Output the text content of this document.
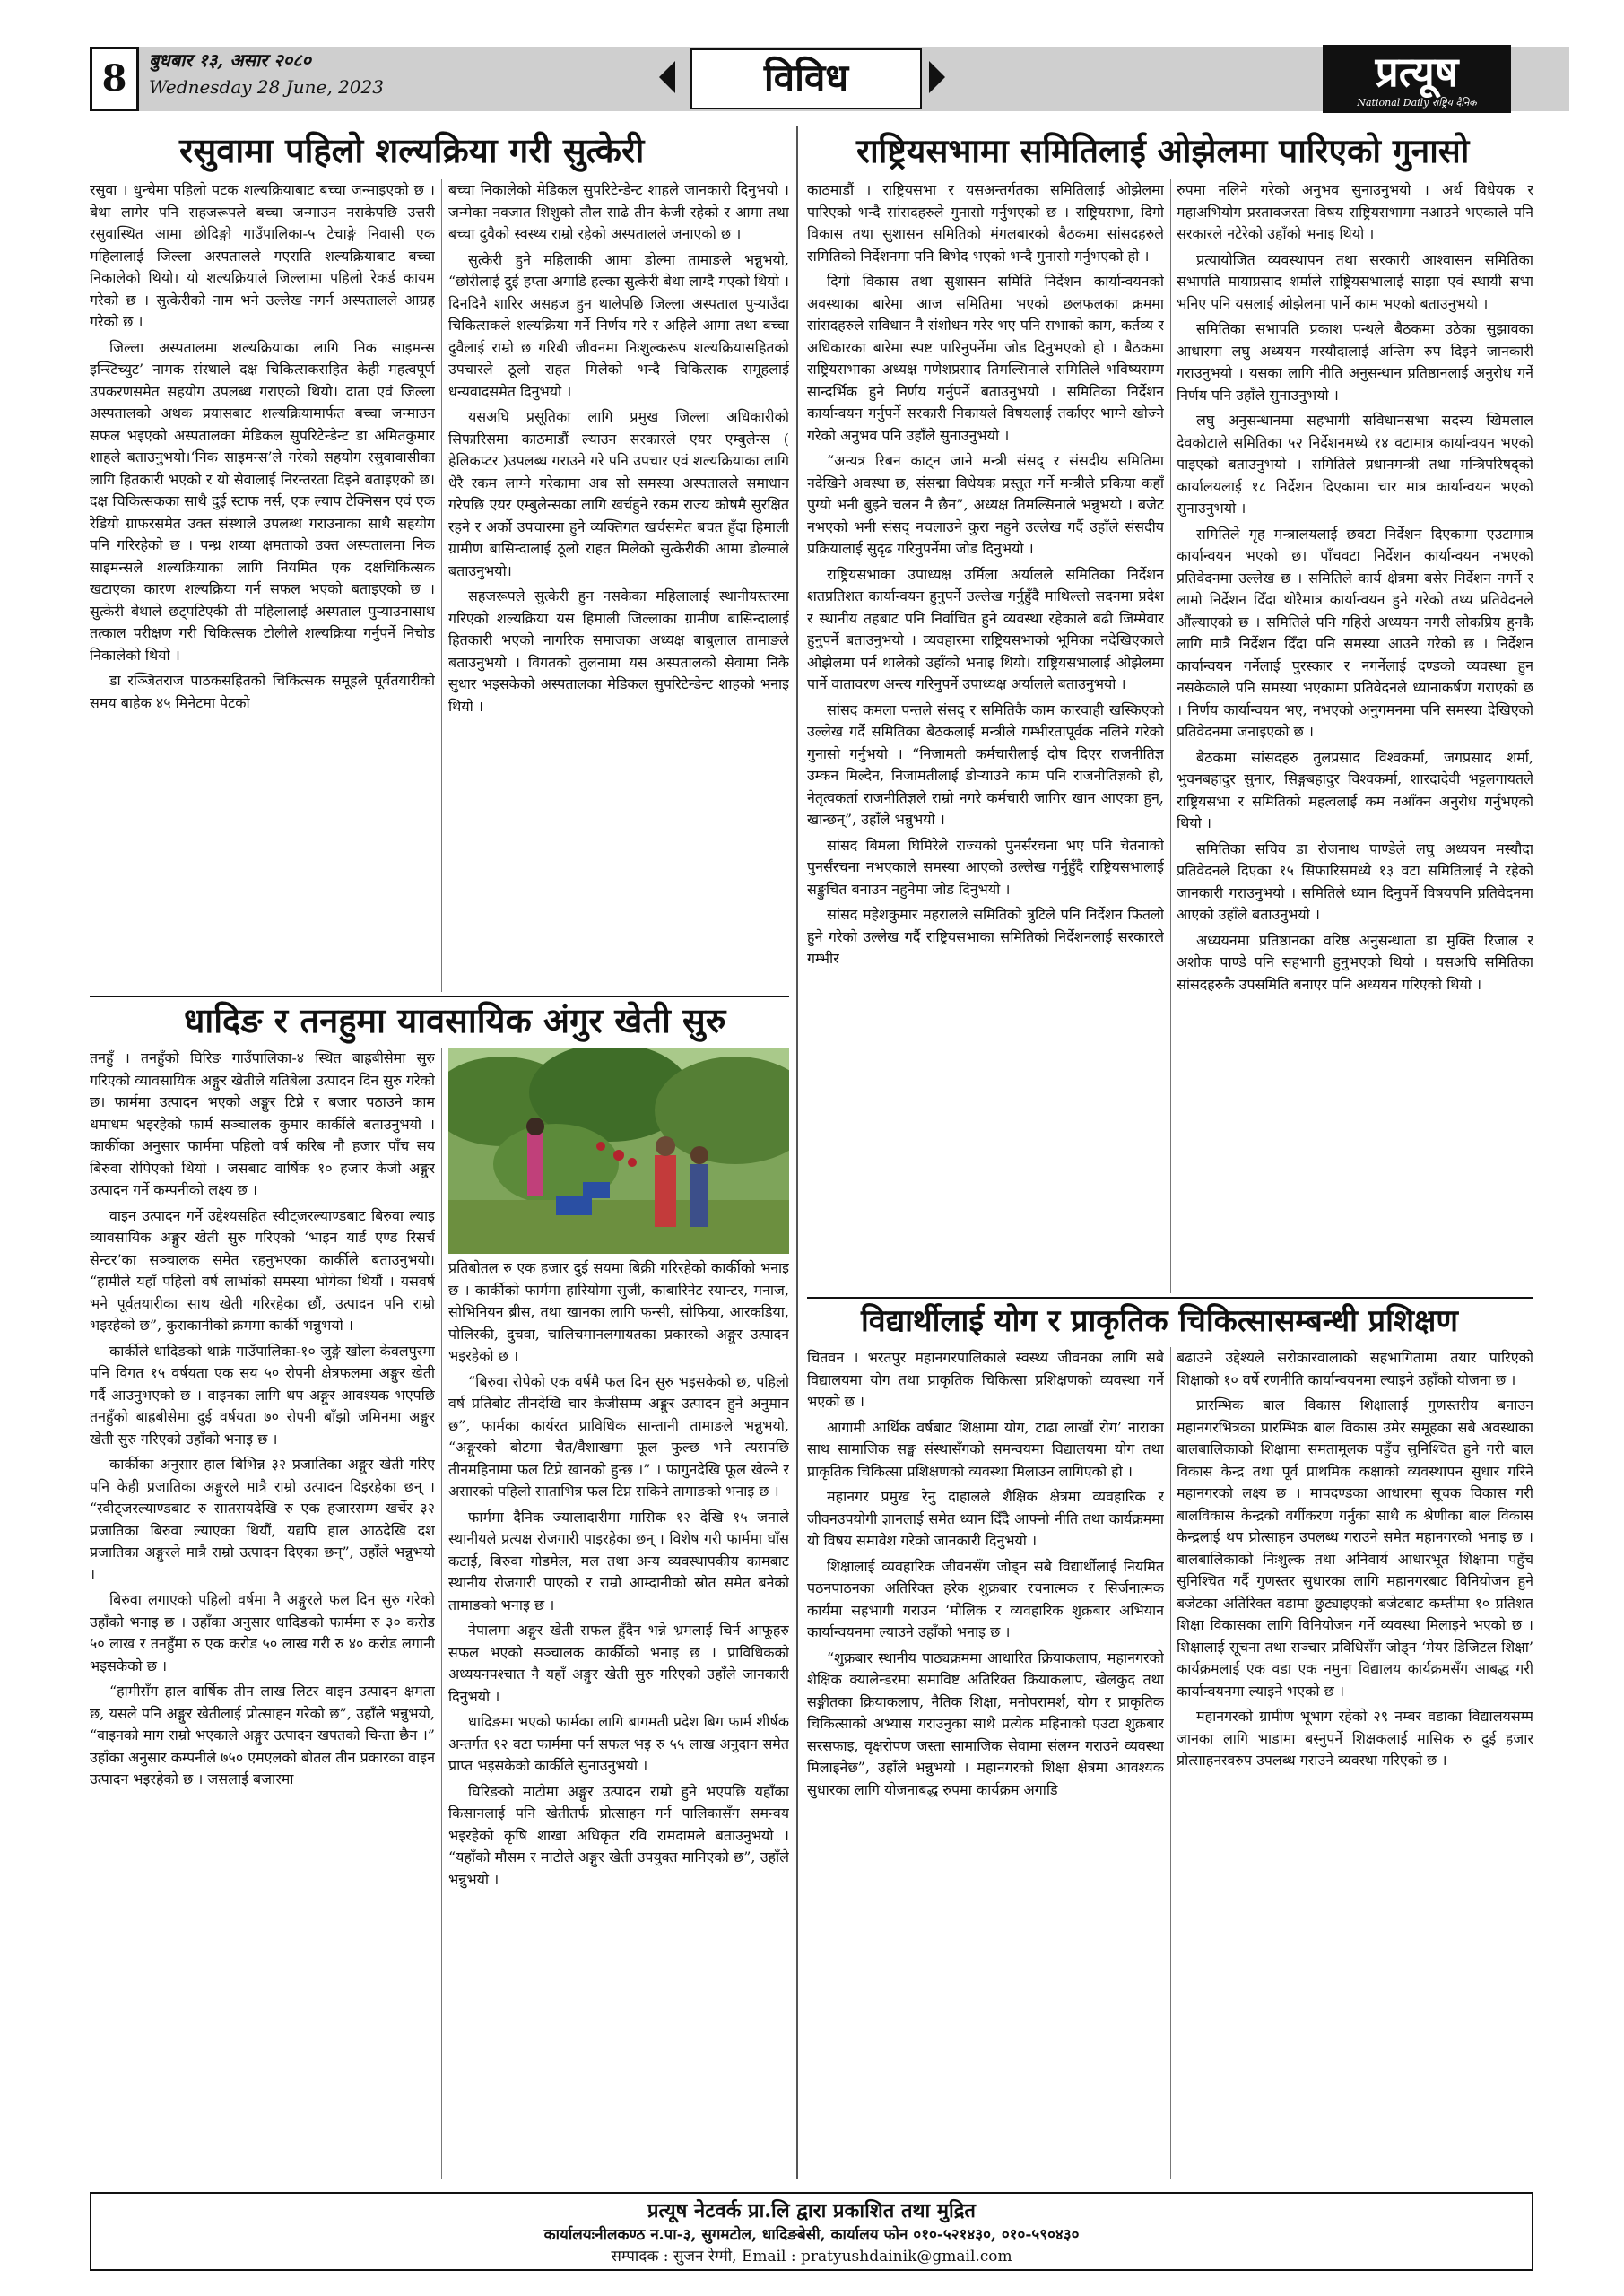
8	बुधबार १३, असार २०८०
Wednesday 28 June, 2023	विविध	प्रत्यूष
National Daily राष्ट्रिय दैनिक
रसुवामा पहिलो शल्यक्रिया गरी सुत्केरी

रसुवा । धुन्चेमा पहिलो पटक शल्यक्रियाबाट बच्चा जन्माइएको छ । बेथा लागेर पनि सहजरूपले बच्चा जन्माउन नसकेपछि उत्तरी रसुवास्थित आमा छोदिङ्मो गाउँपालिका-५ टेचाङ्गे निवासी एक महिलालाई जिल्ला अस्पतालले गएराति शल्यक्रियाबाट बच्चा निकालेको थियो। यो शल्यक्रियाले जिल्लामा पहिलो रेकर्ड कायम गरेको छ । सुत्केरीको नाम भने उल्लेख नगर्न अस्पतालले आग्रह गरेको छ ।

जिल्ला अस्पतालमा शल्यक्रियाका लागि निक साइमन्स इन्स्टिच्युट’ नामक संस्थाले दक्ष चिकित्सकसहित केही महत्वपूर्ण उपकरणसमेत सहयोग उपलब्ध गराएको थियो। दाता एवं जिल्ला अस्पतालको अथक प्रयासबाट शल्यक्रियामार्फत बच्चा जन्माउन सफल भइएको अस्पतालका मेडिकल सुपरिटेन्डेन्ट डा अमितकुमार शाहले बताउनुभयो।‘निक साइमन्स’ले गरेको सहयोग रसुवावासीका लागि हितकारी भएको र यो सेवालाई निरन्तरता दिइने बताइएको छ। दक्ष चिकित्सकका साथै दुई स्टाफ नर्स, एक ल्याप टेक्निसन एवं एक रेडियो ग्राफरसमेत उक्त संस्थाले उपलब्ध गराउनाका साथै सहयोग पनि गरिरहेको छ । पन्ध्र शय्या क्षमताको उक्त अस्पतालमा निक साइमन्सले शल्यक्रियाका लागि नियमित एक दक्षचिकित्सक खटाएका कारण शल्यक्रिया गर्न सफल भएको बताइएको छ । सुत्केरी बेथाले छट्पटिएकी ती महिलालाई अस्पताल पुऱ्याउनासाथ तत्काल परीक्षण गरी चिकित्सक टोलीले शल्यक्रिया गर्नुपर्ने निचोड निकालेको थियो ।

डा रञ्जितराज पाठकसहितको चिकित्सक समूहले पूर्वतयारीको समय बाहेक ४५ मिनेटमा पेटको

बच्चा निकालेको मेडिकल सुपरिटेन्डेन्ट शाहले जानकारी दिनुभयो । जन्मेका नवजात शिशुको तौल साढे तीन केजी रहेको र आमा तथा बच्चा दुवैको स्वस्थ्य राम्रो रहेको अस्पतालले जनाएको छ ।

सुत्केरी हुने महिलाकी आमा डोल्मा तामाङले भन्नुभयो, “छोरीलाई दुई हप्ता अगाडि हल्का सुत्केरी बेथा लाग्दै गएको थियो । दिनदिनै शारिर असहज हुन थालेपछि जिल्ला अस्पताल पुऱ्याउँदा चिकित्सकले शल्यक्रिया गर्ने निर्णय गरे र अहिले आमा तथा बच्चा दुवैलाई राम्रो छ गरिबी जीवनमा निःशुल्करूप शल्यक्रियासहितको उपचारले ठूलो राहत मिलेको भन्दै चिकित्सक समूहलाई धन्यवादसमेत दिनुभयो ।

यसअघि प्रसूतिका लागि प्रमुख जिल्ला अधिकारीको सिफारिसमा काठमाडौं ल्याउन सरकारले एयर एम्बुलेन्स ( हेलिकप्टर )उपलब्ध गराउने गरे पनि उपचार एवं शल्यक्रियाका लागि धेरै रकम लाग्ने गरेकामा अब सो समस्या अस्पतालले समाधान गरेपछि एयर एम्बुलेन्सका लागि खर्चहुने रकम राज्य कोषमै सुरक्षित रहने र अर्को उपचारमा हुने व्यक्तिगत खर्चसमेत बचत हुँदा हिमाली ग्रामीण बासिन्दालाई ठूलो राहत मिलेको सुत्केरीकी आमा डोल्माले बताउनुभयो।

सहजरूपले सुत्केरी हुन नसकेका महिलालाई स्थानीयस्तरमा गरिएको शल्यक्रिया यस हिमाली जिल्लाका ग्रामीण बासिन्दालाई हितकारी भएको नागरिक समाजका अध्यक्ष बाबुलाल तामाङले बताउनुभयो । विगतको तुलनामा यस अस्पतालको सेवामा निकै सुधार भइसकेको अस्पतालका मेडिकल सुपरिटेन्डेन्ट शाहको भनाइ थियो ।

धादिङ र तनहुमा यावसायिक अंगुर खेती सुरु

तनहुँ । तनहुँको घिरिङ गाउँपालिका-४ स्थित बाह्रबीसेमा सुरु गरिएको व्यावसायिक अङ्गुर खेतीले यतिबेला उत्पादन दिन सुरु गरेको छ। फार्ममा उत्पादन भएको अङ्गुर टिप्ने र बजार पठाउने काम धमाधम भइरहेको फार्म सञ्चालक कुमार कार्कीले बताउनुभयो । कार्कीका अनुसार फार्ममा पहिलो वर्ष करिब नौ हजार पाँच सय बिरुवा रोपिएको थियो । जसबाट वार्षिक १० हजार केजी अङ्गुर उत्पादन गर्ने कम्पनीको लक्ष्य छ ।

वाइन उत्पादन गर्ने उद्देश्यसहित स्वीट्जरल्याण्डबाट बिरुवा ल्याइ व्यावसायिक अङ्गुर खेती सुरु गरिएको ‘भाइन यार्ड एण्ड रिसर्च सेन्टर’का सञ्चालक समेत रहनुभएका कार्कीले बताउनुभयो। “हामीले यहाँ पहिलो वर्ष लाभांको समस्या भोगेका थियौं । यसवर्ष भने पूर्वतयारीका साथ खेती गरिरहेका छौं, उत्पादन पनि राम्रो भइरहेको छ”, कुराकानीको क्रममा कार्की भन्नुभयो ।

कार्कीले धादिङको थाक्रे गाउँपालिका-१० जुङ्गे खोला केवलपुरमा पनि विगत १५ वर्षयता एक सय ५० रोपनी क्षेत्रफलमा अङ्गुर खेती गर्दै आउनुभएको छ । वाइनका लागि थप अङ्गुर आवश्यक भएपछि तनहुँको बाह्रबीसेमा दुई वर्षयता ७० रोपनी बाँझो जमिनमा अङ्गुर खेती सुरु गरिएको उहाँको भनाइ छ ।

कार्कीका अनुसार हाल बिभिन्न ३२ प्रजातिका अङ्गुर खेती गरिए पनि केही प्रजातिका अङ्गुरले मात्रै राम्रो उत्पादन दिइरहेका छन् । “स्वीट्जरल्याण्डबाट रु सातसयदेखि रु एक हजारसम्म खर्चेर ३२ प्रजातिका बिरुवा ल्याएका थियौं, यद्यपि हाल आठदेखि दश प्रजातिका अङ्गुरले मात्रै राम्रो उत्पादन दिएका छन्”, उहाँले भन्नुभयो ।

बिरुवा लगाएको पहिलो वर्षमा नै अङ्गुरले फल दिन सुरु गरेको उहाँको भनाइ छ । उहाँका अनुसार धादिङको फार्ममा रु ३० करोड ५० लाख र तनहुँमा रु एक करोड ५० लाख गरी रु ४० करोड लगानी भइसकेको छ ।

“हामीसँग हाल वार्षिक तीन लाख लिटर वाइन उत्पादन क्षमता छ, यसले पनि अङ्गुर खेतीलाई प्रोत्साहन गरेको छ”, उहाँले भन्नुभयो, “वाइनको माग राम्रो भएकाले अङ्गुर उत्पादन खपतको चिन्ता छैन ।” उहाँका अनुसार कम्पनीले ७५० एमएलको बोतल तीन प्रकारका वाइन उत्पादन भइरहेको छ । जसलाई बजारमा

प्रतिबोतल रु एक हजार दुई सयमा बिक्री गरिरहेको कार्कीको भनाइ छ । कार्कीको फार्ममा हारियोमा सुजी, काबारिनेट स्यान्टर, मनाज, सोभिनियन ब्रीस, तथा खानका लागि फन्सी, सोफिया, आरकडिया, पोलिस्की, दुचवा, चालिचमानलगायतका प्रकारको अङ्गुर उत्पादन भइरहेको छ ।

“बिरुवा रोपेको एक वर्षमै फल दिन सुरु भइसकेको छ, पहिलो वर्ष प्रतिबोट तीनदेखि चार केजीसम्म अङ्गुर उत्पादन हुने अनुमान छ”, फार्मका कार्यरत प्राविधिक सान्तानी तामाङले भन्नुभयो, “अङ्गुरको बोटमा चैत/वैशाखमा फूल फुल्छ भने त्यसपछि तीनमहिनामा फल टिप्ने खानको हुन्छ ।” । फागुनदेखि फूल खेल्ने र असारको पहिलो साताभित्र फल टिप्न सकिने तामाङको भनाइ छ ।

फार्ममा दैनिक ज्यालादारीमा मासिक १२ देखि १५ जनाले स्थानीयले प्रत्यक्ष रोजगारी पाइरहेका छन् । विशेष गरी फार्ममा घाँस कटाई, बिरुवा गोडमेल, मल तथा अन्य व्यवस्थापकीय कामबाट स्थानीय रोजगारी पाएको र राम्रो आम्दानीको स्रोत समेत बनेको तामाङको भनाइ छ ।

नेपालमा अङ्गुर खेती सफल हुँदैन भन्ने भ्रमलाई चिर्न आफूहरु सफल भएको सञ्चालक कार्कीको भनाइ छ । प्राविधिकको अध्ययनपश्चात नै यहाँ अङ्गुर खेती सुरु गरिएको उहाँले जानकारी दिनुभयो ।

धादिङमा भएको फार्मका लागि बागमती प्रदेश बिग फार्म शीर्षक अन्तर्गत १२ वटा फार्ममा पर्न सफल भइ रु ५५ लाख अनुदान समेत प्राप्त भइसकेको कार्कीले सुनाउनुभयो ।

घिरिङको माटोमा अङ्गुर उत्पादन राम्रो हुने भएपछि यहाँका किसानलाई पनि खेतीतर्फ प्रोत्साहन गर्न पालिकासँग समन्वय भइरहेको कृषि शाखा अधिकृत रवि रामदामले बताउनुभयो । “यहाँको मौसम र माटोले अङ्गुर खेती उपयुक्त मानिएको छ”, उहाँले भन्नुभयो ।

राष्ट्रियसभामा समितिलाई ओझेलमा पारिएको गुनासो

काठमाडौं । राष्ट्रियसभा र यसअन्तर्गतका समितिलाई ओझेलमा पारिएको भन्दै सांसदहरुले गुनासो गर्नुभएको छ । राष्ट्रियसभा, दिगो विकास तथा सुशासन समितिको मंगलबारको बैठकमा सांसदहरुले समितिको निर्देशनमा पनि बिभेद भएको भन्दै गुनासो गर्नुभएको हो ।

दिगो विकास तथा सुशासन समिति निर्देशन कार्यान्वयनको अवस्थाका बारेमा आज समितिमा भएको छलफलका क्रममा सांसदहरुले सविधान नै संशोधन गरेर भए पनि सभाको काम, कर्तव्य र अधिकारका बारेमा स्पष्ट पारिनुपर्नेमा जोड दिनुभएको हो । बैठकमा राष्ट्रियसभाका अध्यक्ष गणेशप्रसाद तिमल्सिनाले समितिले भविष्यसम्म सान्दर्भिक हुने निर्णय गर्नुपर्ने बताउनुभयो । समितिका निर्देशन कार्यान्वयन गर्नुपर्ने सरकारी निकायले विषयलाई तर्काएर भाग्ने खोज्ने गरेको अनुभव पनि उहाँले सुनाउनुभयो ।

“अन्यत्र रिबन काट्न जाने मन्त्री संसद् र संसदीय समितिमा नदेखिने अवस्था छ, संसद्मा विधेयक प्रस्तुत गर्ने मन्त्रीले प्रकिया कहाँ पुग्यो भनी बुझ्ने चलन नै छैन”, अध्यक्ष तिमल्सिनाले भन्नुभयो । बजेट नभएको भनी संसद् नचलाउने कुरा नहुने उल्लेख गर्दै उहाँले संसदीय प्रक्रियालाई सुदृढ गरिनुपर्नेमा जोड दिनुभयो ।

राष्ट्रियसभाका उपाध्यक्ष उर्मिला अर्यालले समितिका निर्देशन शतप्रतिशत कार्यान्वयन हुनुपर्ने उल्लेख गर्नुहुँदै माथिल्लो सदनमा प्रदेश र स्थानीय तहबाट पनि निर्वाचित हुने व्यवस्था रहेकाले बढी जिम्मेवार हुनुपर्ने बताउनुभयो । व्यवहारमा राष्ट्रियसभाको भूमिका नदेखिएकाले ओझेलमा पर्न थालेको उहाँको भनाइ थियो। राष्ट्रियसभालाई ओझेलमा पार्ने वातावरण अन्त्य गरिनुपर्ने उपाध्यक्ष अर्यालले बताउनुभयो ।

सांसद कमला पन्तले संसद् र समितिकै काम कारवाही खस्किएको उल्लेख गर्दै समितिका बैठकलाई मन्त्रीले गम्भीरतापूर्वक नलिने गरेको गुनासो गर्नुभयो । “निजामती कर्मचारीलाई दोष दिएर राजनीतिज्ञ उम्कन मिल्दैन, निजामतीलाई डोऱ्याउने काम पनि राजनीतिज्ञको हो, नेतृत्वकर्ता राजनीतिज्ञले राम्रो नगरे कर्मचारी जागिर खान आएका हुन्, खान्छन्”, उहाँले भन्नुभयो ।

सांसद बिमला घिमिरेले राज्यको पुनर्संरचना भए पनि चेतनाको पुनर्संरचना नभएकाले समस्या आएको उल्लेख गर्नुहुँदै राष्ट्रियसभालाई सङ्कुचित बनाउन नहुनेमा जोड दिनुभयो ।

सांसद महेशकुमार महरालले समितिको त्रुटिले पनि निर्देशन फितलो हुने गरेको उल्लेख गर्दै राष्ट्रियसभाका समितिको निर्देशनलाई सरकारले गम्भीर

रुपमा नलिने गरेको अनुभव सुनाउनुभयो । अर्थ विधेयक र महाअभियोग प्रस्तावजस्ता विषय राष्ट्रियसभामा नआउने भएकाले पनि सरकारले नटेरेको उहाँको भनाइ थियो ।

प्रत्यायोजित व्यवस्थापन तथा सरकारी आश्वासन समितिका सभापति मायाप्रसाद शर्माले राष्ट्रियसभालाई साझा एवं स्थायी सभा भनिए पनि यसलाई ओझेलमा पार्ने काम भएको बताउनुभयो ।

समितिका सभापति प्रकाश पन्थले बैठकमा उठेका सुझावका आधारमा लघु अध्ययन मस्यौदालाई अन्तिम रुप दिइने जानकारी गराउनुभयो । यसका लागि नीति अनुसन्धान प्रतिष्ठानलाई अनुरोध गर्ने निर्णय पनि उहाँले सुनाउनुभयो ।

लघु अनुसन्धानमा सहभागी सविधानसभा सदस्य खिमलाल देवकोटाले समितिका ५२ निर्देशनमध्ये १४ वटामात्र कार्यान्वयन भएको पाइएको बताउनुभयो । समितिले प्रधानमन्त्री तथा मन्त्रिपरिषद्को कार्यालयलाई १८ निर्देशन दिएकामा चार मात्र कार्यान्वयन भएको सुनाउनुभयो ।

समितिले गृह मन्त्रालयलाई छवटा निर्देशन दिएकामा एउटामात्र कार्यान्वयन भएको छ। पाँचवटा निर्देशन कार्यान्वयन नभएको प्रतिवेदनमा उल्लेख छ । समितिले कार्य क्षेत्रमा बसेर निर्देशन नगर्ने र लामो निर्देशन दिँदा थोरैमात्र कार्यान्वयन हुने गरेको तथ्य प्रतिवेदनले औंल्याएको छ । समितिले पनि गहिरो अध्ययन नगरी लोकप्रिय हुनकै लागि मात्रै निर्देशन दिँदा पनि समस्या आउने गरेको छ । निर्देशन कार्यान्वयन गर्नेलाई पुरस्कार र नगर्नेलाई दण्डको व्यवस्था हुन नसकेकाले पनि समस्या भएकामा प्रतिवेदनले ध्यानाकर्षण गराएको छ । निर्णय कार्यान्वयन भए, नभएको अनुगमनमा पनि समस्या देखिएको प्रतिवेदनमा जनाइएको छ ।

बैठकमा सांसदहरु तुलप्रसाद विश्वकर्मा, जगप्रसाद शर्मा, भुवनबहादुर सुनार, सिङ्गबहादुर विश्वकर्मा, शारदादेवी भट्टलगायतले राष्ट्रियसभा र समितिको महत्वलाई कम नआँक्न अनुरोध गर्नुभएको थियो ।

समितिका सचिव डा रोजनाथ पाण्डेले लघु अध्ययन मस्यौदा प्रतिवेदनले दिएका १५ सिफारिसमध्ये १३ वटा समितिलाई नै रहेको जानकारी गराउनुभयो । समितिले ध्यान दिनुपर्ने विषयपनि प्रतिवेदनमा आएको उहाँले बताउनुभयो ।

अध्ययनमा प्रतिष्ठानका वरिष्ठ अनुसन्धाता डा मुक्ति रिजाल र अशोक पाण्डे पनि सहभागी हुनुभएको थियो । यसअघि समितिका सांसदहरुकै उपसमिति बनाएर पनि अध्ययन गरिएको थियो ।

विद्यार्थीलाई योग र प्राकृतिक चिकित्सासम्बन्धी प्रशिक्षण

चितवन । भरतपुर महानगरपालिकाले स्वस्थ्य जीवनका लागि सबै विद्यालयमा योग तथा प्राकृतिक चिकित्सा प्रशिक्षणको व्यवस्था गर्ने भएको छ ।

आगामी आर्थिक वर्षबाट शिक्षामा योग, टाढा लाखौं रोग’ नाराका साथ सामाजिक सङ्घ संस्थासँगको समन्वयमा विद्यालयमा योग तथा प्राकृतिक चिकित्सा प्रशिक्षणको व्यवस्था मिलाउन लागिएको हो ।

महानगर प्रमुख रेनु दाहालले शैक्षिक क्षेत्रमा व्यवहारिक र जीवनउपयोगी ज्ञानलाई समेत ध्यान दिँदै आफ्नो नीति तथा कार्यक्रममा यो विषय समावेश गरेको जानकारी दिनुभयो ।

शिक्षालाई व्यवहारिक जीवनसँग जोड्न सबै विद्यार्थीलाई नियमित पठनपाठनका अतिरिक्त हरेक शुक्रबार रचनात्मक र सिर्जनात्मक कार्यमा सहभागी गराउन ‘मौलिक र व्यवहारिक शुक्रबार अभियान कार्यान्वयनमा ल्याउने उहाँको भनाइ छ ।

“शुक्रबार स्थानीय पाठ्यक्रममा आधारित क्रियाकलाप, महानगरको शैक्षिक क्यालेन्डरमा समाविष्ट अतिरिक्त क्रियाकलाप, खेलकुद तथा सङ्गीतका क्रियाकलाप, नैतिक शिक्षा, मनोपरामर्श, योग र प्राकृतिक चिकित्साको अभ्यास गराउनुका साथै प्रत्येक महिनाको एउटा शुक्रबार सरसफाइ, वृक्षरोपण जस्ता सामाजिक सेवामा संलग्न गराउने व्यवस्था मिलाइनेछ”, उहाँले भन्नुभयो । महानगरको शिक्षा क्षेत्रमा आवश्यक सुधारका लागि योजनाबद्ध रुपमा कार्यक्रम अगाडि

बढाउने उद्देश्यले सरोकारवालाको सहभागितामा तयार पारिएको शिक्षाको १० वर्षे रणनीति कार्यान्वयनमा ल्याइने उहाँको योजना छ ।

प्रारम्भिक बाल विकास शिक्षालाई गुणस्तरीय बनाउन महानगरभित्रका प्रारम्भिक बाल विकास उमेर समूहका सबै अवस्थाका बालबालिकाको शिक्षामा समतामूलक पहुँच सुनिश्चित हुने गरी बाल विकास केन्द्र तथा पूर्व प्राथमिक कक्षाको व्यवस्थापन सुधार गरिने महानगरको लक्ष्य छ । मापदण्डका आधारमा सूचक विकास गरी बालविकास केन्द्रको वर्गीकरण गर्नुका साथै क श्रेणीका बाल विकास केन्द्रलाई थप प्रोत्साहन उपलब्ध गराउने समेत महानगरको भनाइ छ । बालबालिकाको निःशुल्क तथा अनिवार्य आधारभूत शिक्षामा पहुँच सुनिश्चित गर्दै गुणस्तर सुधारका लागि महानगरबाट विनियोजन हुने बजेटका अतिरिक्त वडामा छुट्याइएको बजेटबाट कम्तीमा १० प्रतिशत शिक्षा विकासका लागि विनियोजन गर्ने व्यवस्था मिलाइने भएको छ । शिक्षालाई सूचना तथा सञ्चार प्रविधिसँग जोड्न ‘मेयर डिजिटल शिक्षा’ कार्यक्रमलाई एक वडा एक नमुना विद्यालय कार्यक्रमसँग आबद्ध गरी कार्यान्वयनमा ल्याइने भएको छ ।

महानगरको ग्रामीण भूभाग रहेको २९ नम्बर वडाका विद्यालयसम्म जानका लागि भाडामा बस्नुपर्ने शिक्षकलाई मासिक रु दुई हजार प्रोत्साहनस्वरुप उपलब्ध गराउने व्यवस्था गरिएको छ ।

प्रत्यूष नेटवर्क प्रा.लि द्वारा प्रकाशित तथा मुद्रित
कार्यालयःनीलकण्ठ न.पा-३, सुगमटोल, धादिङबेसी, कार्यालय फोन ०१०-५२१४३०, ०१०-५९०४३०
सम्पादक : सुजन रेग्मी, Email : pratyushdainik@gmail.com
